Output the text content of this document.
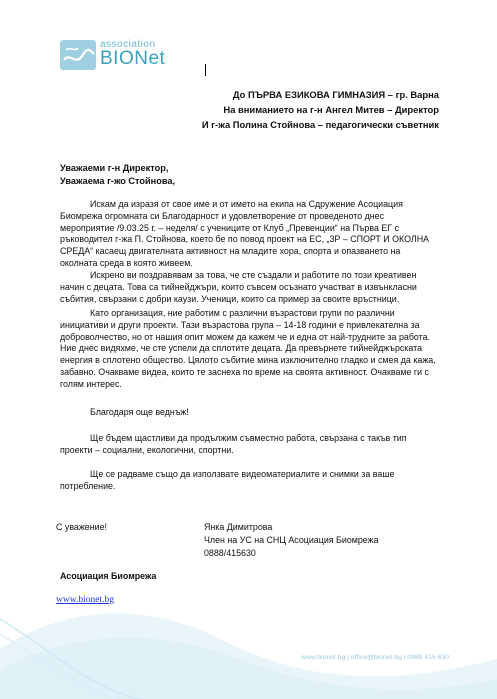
association
BIONet
До ПЪРВА ЕЗИКОВА ГИМНАЗИЯ – гр. Варна
На вниманието на г-н Ангел Митев – Директор
И г-жа Полина Стойнова – педагогически съветник
Уважаеми г-н Директор,
Уважаема г-жо Стойнова,
Искам да изразя от свое име и от името на екипа на Сдружение Асоциация Биомрежа огромната си Благодарност и удовлетворение от проведеното днес мероприятие /9.03.25 г. – неделя/ с учениците от Клуб „Превенции“ на Първа ЕГ с ръководител г-жа П. Стойнова, което бе по повод проект на ЕС, „3Р – СПОРТ И ОКОЛНА СРЕДА“ касаещ двигателната активност на младите хора, спорта и опазването на околната среда в която живеем.
Искрено ви поздравявам за това, че сте създали и работите по този креативен начин с децата. Това са тийнейджъри, които съвсем осъзнато участват в извънкласни събития, свързани с добри каузи. Ученици, които са пример за своите връстници.
Като организация, ние работим с различни възрастови групи по различни инициативи и други проекти. Тази възрастова група – 14-18 години е привлекателна за доброволчество, но от нашия опит можем да кажем че и една от най-трудните за работа. Ние днес видяхме, че сте успели да сплотите децата. Да превърнете тийнейджърската енергия в сплотено общество. Цялото събитие мина изключително гладко и смея да кажа, забавно. Очакваме видеа, които те заснеха по време на своята активност. Очакваме ги с голям интерес.
Благодаря още веднъж!
Ще бъдем щастливи да продължим съвместно работа, свързана с такъв тип проекти – социални, екологични, спортни.
Ще се радваме също да използвате видеоматериалите и снимки за ваше потребление.
С уважение!	Янка Димитрова
Член на УС на СНЦ Асоциация Биомрежа
0888/415630
Асоциация Биомрежа
www.bionet.bg
www.bionet.bg | office@bionet.bg | 0888 415 630
